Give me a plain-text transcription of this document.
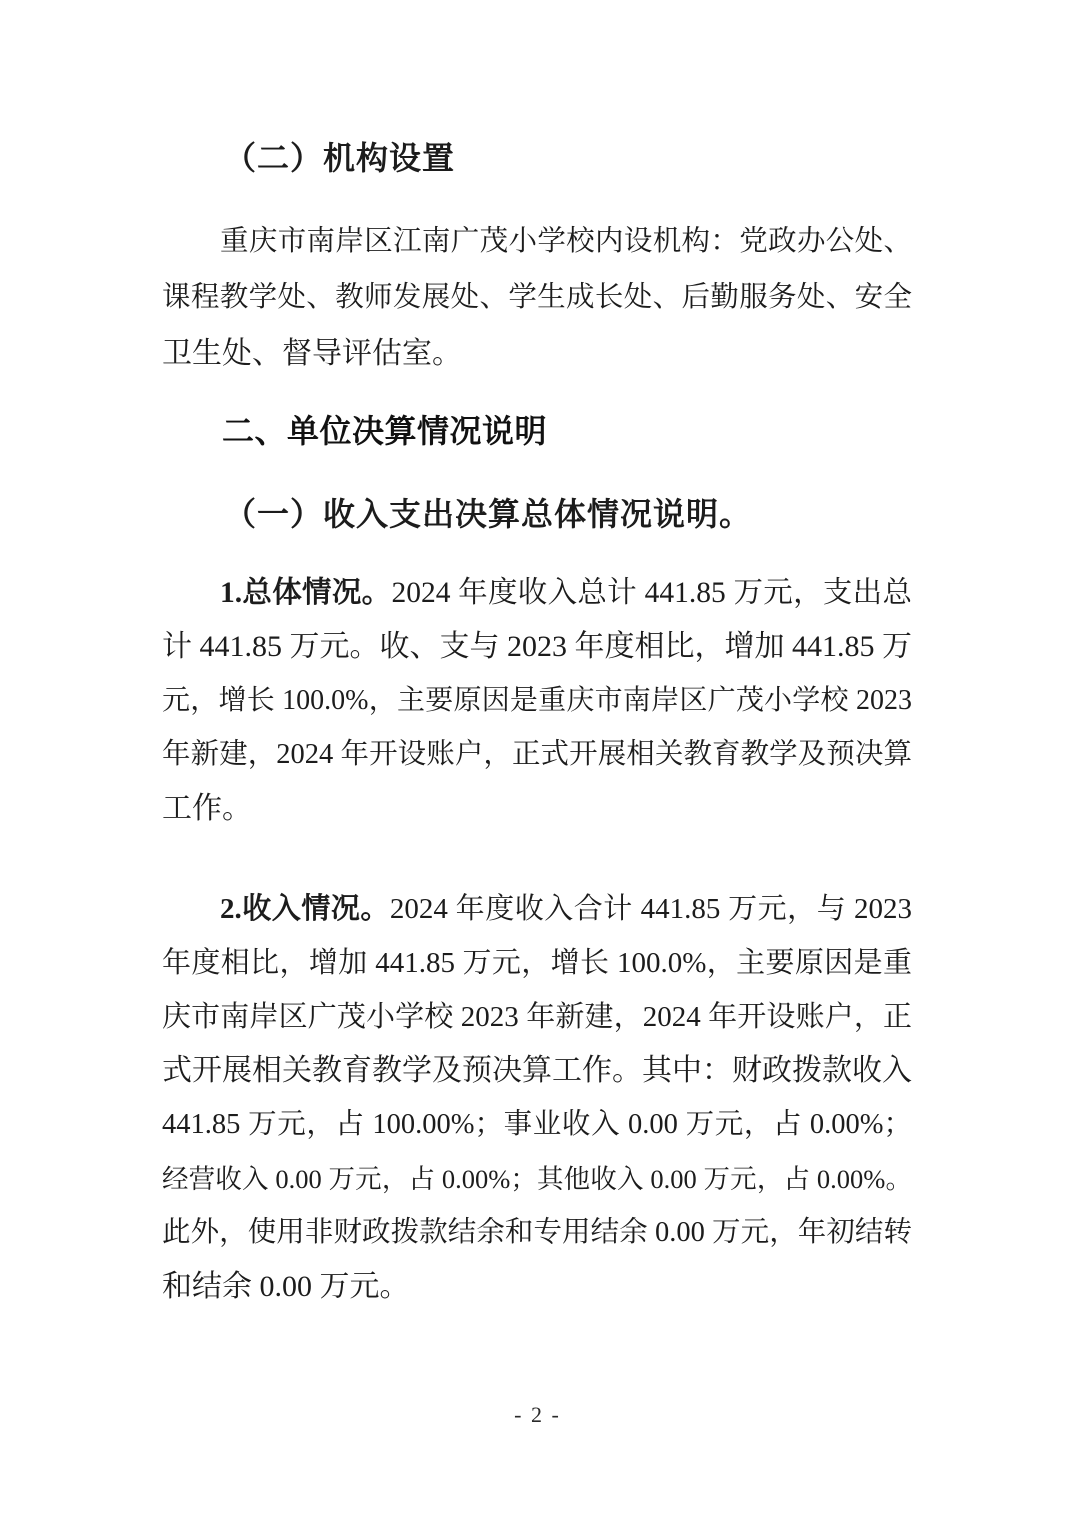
（二）机构设置
重庆市南岸区江南广茂小学校内设机构：党政办公处、
课程教学处、教师发展处、学生成长处、后勤服务处、安全
卫生处、督导评估室。
二、单位决算情况说明
（一）收入支出决算总体情况说明。
1.总体情况。2024 年度收入总计 441.85 万元，支出总
计 441.85 万元。收、支与 2023 年度相比，增加 441.85 万
元，增长 100.0%，主要原因是重庆市南岸区广茂小学校 2023
年新建，2024 年开设账户，正式开展相关教育教学及预决算
工作。
2.收入情况。2024 年度收入合计 441.85 万元，与 2023
年度相比，增加 441.85 万元，增长 100.0%，主要原因是重
庆市南岸区广茂小学校 2023 年新建，2024 年开设账户，正
式开展相关教育教学及预决算工作。其中：财政拨款收入
441.85 万元，占 100.00%；事业收入 0.00 万元，占 0.00%；
经营收入 0.00 万元，占 0.00%；其他收入 0.00 万元，占 0.00%。
此外，使用非财政拨款结余和专用结余 0.00 万元，年初结转
和结余 0.00 万元。
- 2 -
